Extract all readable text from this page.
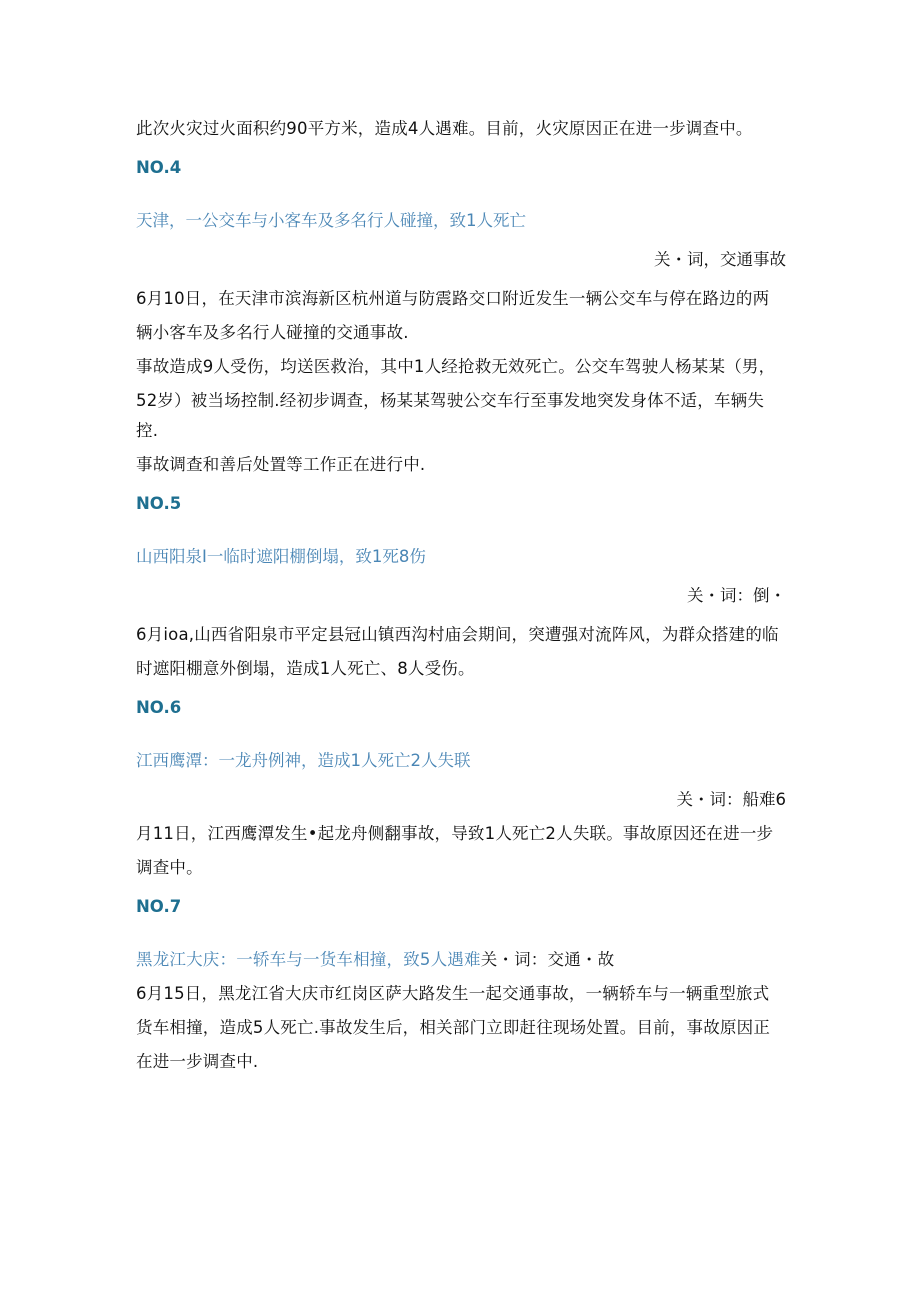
此次火灾过火面积约90平方米，造成4人遇难。目前，火灾原因正在进一步调查中。

NO.4

天津，一公交车与小客车及多名行人碰撞，致1人死亡

关・词，交通事故

6月10日，在天津市滨海新区杭州道与防震路交口附近发生一辆公交车与停在路边的两

辆小客车及多名行人碰撞的交通事故.

事故造成9人受伤，均送医救治，其中1人经抢救无效死亡。公交车驾驶人杨某某（男，

52岁）被当场控制.经初步调查，杨某某驾驶公交车行至事发地突发身体不适，车辆失控.

事故调查和善后处置等工作正在进行中.

NO.5

山西阳泉I一临时遮阳棚倒塌，致1死8伤

关・词：倒・

6月ioa,山西省阳泉市平定县冠山镇西沟村庙会期间，突遭强对流阵风，为群众搭建的临

时遮阳棚意外倒塌，造成1人死亡、8人受伤。

NO.6

江西鹰潭：一龙舟例神，造成1人死亡2人失联

关・词：船难6

月11日，江西鹰潭发生•起龙舟侧翻事故，导致1人死亡2人失联。事故原因还在进一步

调查中。

NO.7

黑龙江大庆：一轿车与一货车相撞，致5人遇难关・词：交通・故

6月15日，黑龙江省大庆市红岗区萨大路发生一起交通事故，一辆轿车与一辆重型旅式

货车相撞，造成5人死亡.事故发生后，相关部门立即赶往现场处置。目前，事故原因正

在进一步调查中.
